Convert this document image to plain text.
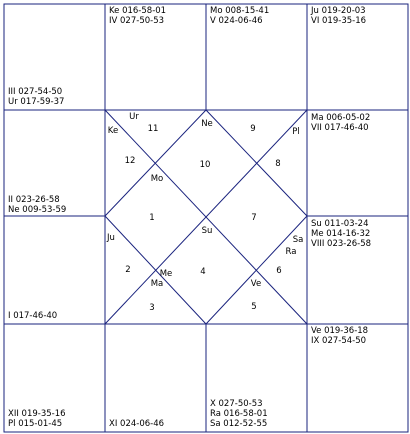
Ke 016-58-01
IV 027-50-53
Mo 008-15-41
V 024-06-46
Ju 019-20-03
VI 019-35-16
Ma 006-05-02
VII 017-46-40
Su 011-03-24
Me 014-16-32
VIII 023-26-58
Ve 019-36-18
IX 027-54-50
III 027-54-50
Ur 017-59-37
II 023-26-58
Ne 009-53-59
I 017-46-40
XII 019-35-16
Pl 015-01-45	XI 024-06-46
X 027-50-53
Ra 016-58-01
Sa 012-52-55
1
2
3
4
5
6
7
8
9
10
11
12
Ur
Ke
Ne
Pl
Mo
Ju
Su
Sa
Ra
Me
Ma	Ve
